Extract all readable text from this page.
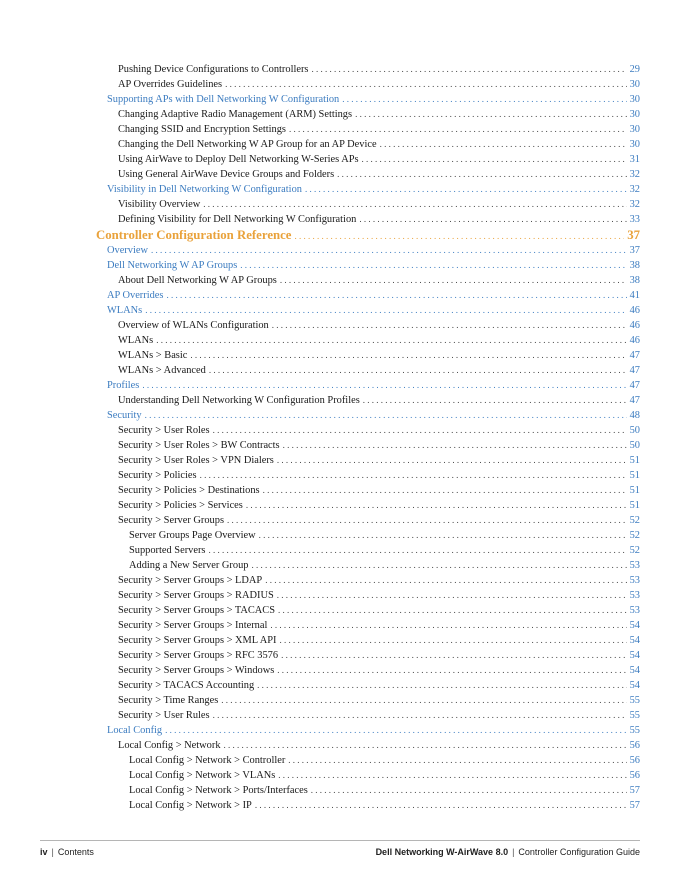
Pushing Device Configurations to Controllers . . .	29
AP Overrides Guidelines . . .	30
Supporting APs with Dell Networking W Configuration . . .	30
Changing Adaptive Radio Management (ARM) Settings . . .	30
Changing SSID and Encryption Settings . . .	30
Changing the Dell Networking W AP Group for an AP Device . . .	30
Using AirWave to Deploy Dell Networking W-Series APs . . .	31
Using General AirWave Device Groups and Folders . . .	32
Visibility in Dell Networking W Configuration . . .	32
Visibility Overview . . .	32
Defining Visibility for Dell Networking W Configuration . . .	33
Controller Configuration Reference . . .	37
Overview . . .	37
Dell Networking W AP Groups . . .	38
About Dell Networking W AP Groups . . .	38
AP Overrides . . .	41
WLANs . . .	46
Overview of WLANs Configuration . . .	46
WLANs . . .	46
WLANs > Basic . . .	47
WLANs > Advanced . . .	47
Profiles . . .	47
Understanding Dell Networking W Configuration Profiles . . .	47
Security . . .	48
Security > User Roles . . .	50
Security > User Roles > BW Contracts . . .	50
Security > User Roles > VPN Dialers . . .	51
Security > Policies . . .	51
Security > Policies > Destinations . . .	51
Security > Policies > Services . . .	51
Security > Server Groups . . .	52
Server Groups Page Overview . . .	52
Supported Servers . . .	52
Adding a New Server Group . . .	53
Security > Server Groups > LDAP . . .	53
Security > Server Groups > RADIUS . . .	53
Security > Server Groups > TACACS . . .	53
Security > Server Groups > Internal . . .	54
Security > Server Groups > XML API . . .	54
Security > Server Groups > RFC 3576 . . .	54
Security > Server Groups > Windows . . .	54
Security > TACACS Accounting . . .	54
Security > Time Ranges . . .	55
Security > User Rules . . .	55
Local Config . . .	55
Local Config > Network . . .	56
Local Config > Network > Controller . . .	56
Local Config > Network > VLANs . . .	56
Local Config > Network > Ports/Interfaces . . .	57
Local Config > Network > IP . . .	57
iv | Contents	Dell Networking W-AirWave 8.0 | Controller Configuration Guide
